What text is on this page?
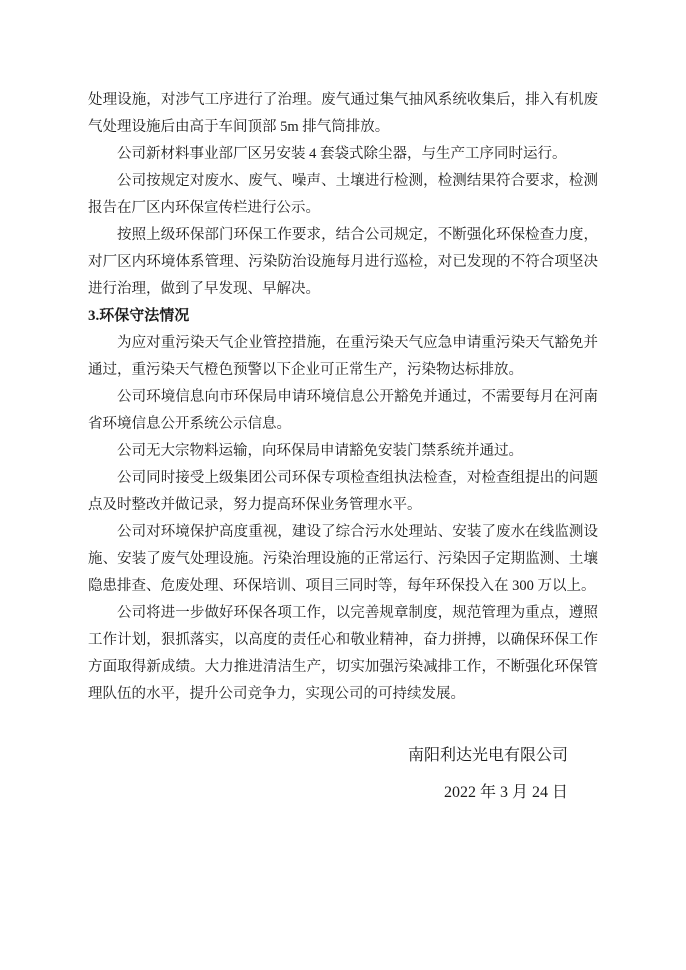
处理设施，对涉气工序进行了治理。废气通过集气抽风系统收集后，排入有机废气处理设施后由高于车间顶部 5m 排气筒排放。

公司新材料事业部厂区另安装 4 套袋式除尘器，与生产工序同时运行。

公司按规定对废水、废气、噪声、土壤进行检测，检测结果符合要求，检测报告在厂区内环保宣传栏进行公示。

按照上级环保部门环保工作要求，结合公司规定，不断强化环保检查力度，对厂区内环境体系管理、污染防治设施每月进行巡检，对已发现的不符合项坚决进行治理，做到了早发现、早解决。

3.环保守法情况

为应对重污染天气企业管控措施，在重污染天气应急申请重污染天气豁免并通过，重污染天气橙色预警以下企业可正常生产，污染物达标排放。

公司环境信息向市环保局申请环境信息公开豁免并通过，不需要每月在河南省环境信息公开系统公示信息。

公司无大宗物料运输，向环保局申请豁免安装门禁系统并通过。

公司同时接受上级集团公司环保专项检查组执法检查，对检查组提出的问题点及时整改并做记录，努力提高环保业务管理水平。

公司对环境保护高度重视，建设了综合污水处理站、安装了废水在线监测设施、安装了废气处理设施。污染治理设施的正常运行、污染因子定期监测、土壤隐患排查、危废处理、环保培训、项目三同时等，每年环保投入在 300 万以上。

公司将进一步做好环保各项工作，以完善规章制度，规范管理为重点，遵照工作计划，狠抓落实，以高度的责任心和敬业精神，奋力拼搏，以确保环保工作方面取得新成绩。大力推进清洁生产，切实加强污染减排工作，不断强化环保管理队伍的水平，提升公司竞争力，实现公司的可持续发展。

南阳利达光电有限公司
2022 年 3 月 24 日
